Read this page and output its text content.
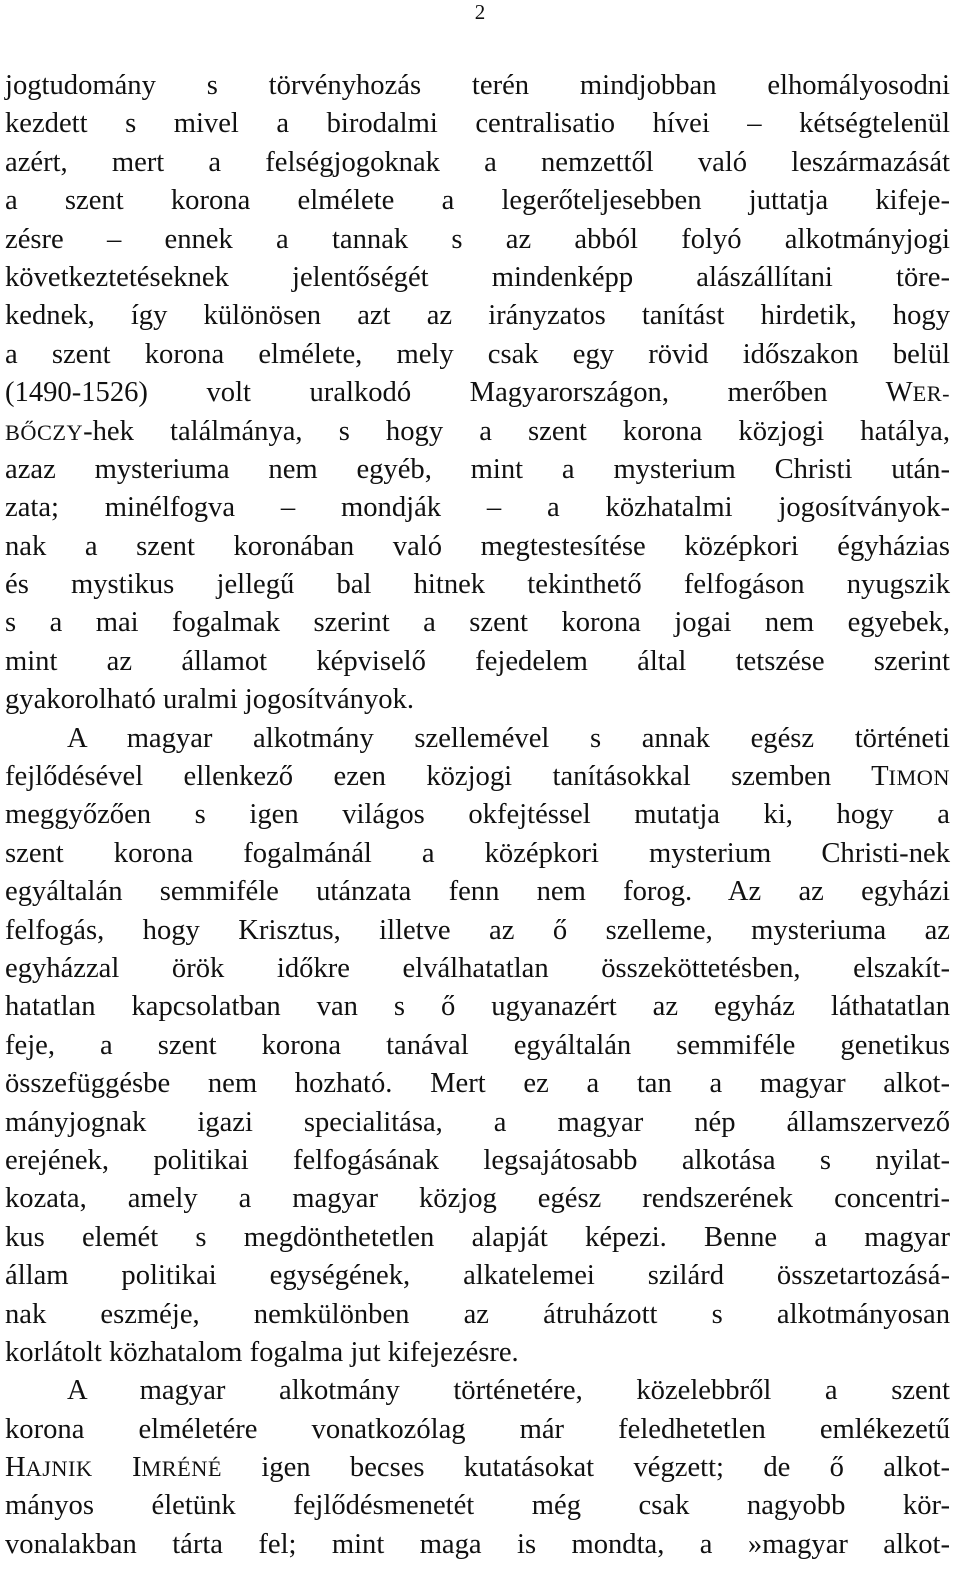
2
jogtudomány s törvényhozás terén mindjobban elhomályosodni
kezdett s mivel a birodalmi centralisatio hívei – kétségtelenül
azért, mert a felségjogoknak a nemzettől való leszármazását
a szent korona elmélete a legerőteljesebben juttatja kifeje-
zésre – ennek a tannak s az abból folyó alkotmányjogi
következtetéseknek jelentőségét mindenképp alászállítani töre-
kednek, így különösen azt az irányzatos tanítást hirdetik, hogy
a szent korona elmélete, mely csak egy rövid időszakon belül
(1490-1526) volt uralkodó Magyarországon, merőben WER-
BŐCZY-hek találmánya, s hogy a szent korona közjogi hatálya,
azaz mysteriuma nem egyéb, mint a mysterium Christi után-
zata; minélfogva – mondják – a közhatalmi jogosítványok-
nak a szent koronában való megtestesítése középkori égyházias
és mystikus jellegű bal hitnek tekinthető felfogáson nyugszik
s a mai fogalmak szerint a szent korona jogai nem egyebek,
mint az államot képviselő fejedelem által tetszése szerint
gyakorolható uralmi jogosítványok.
A magyar alkotmány szellemével s annak egész történeti
fejlődésével ellenkező ezen közjogi tanításokkal szemben TIMON
meggyőzően s igen világos okfejtéssel mutatja ki, hogy a
szent korona fogalmánál a középkori mysterium Christi-nek
egyáltalán semmiféle utánzata fenn nem forog. Az az egyházi
felfogás, hogy Krisztus, illetve az ő szelleme, mysteriuma az
egyházzal örök időkre elválhatatlan összeköttetésben, elszakít-
hatatlan kapcsolatban van s ő ugyanazért az egyház láthatatlan
feje, a szent korona tanával egyáltalán semmiféle genetikus
összefüggésbe nem hozható. Mert ez a tan a magyar alkot-
mányjognak igazi specialitása, a magyar nép államszervező
erejének, politikai felfogásának legsajátosabb alkotása s nyilat-
kozata, amely a magyar közjog egész rendszerének concentri-
kus elemét s megdönthetetlen alapját képezi. Benne a magyar
állam politikai egységének, alkatelemei szilárd összetartozásá-
nak eszméje, nemkülönben az átruházott s alkotmányosan
korlátolt közhatalom fogalma jut kifejezésre.
A magyar alkotmány történetére, közelebbről a szent
korona elméletére vonatkozólag már feledhetetlen emlékezetű
HAJNIK IMRÉNÉ igen becses kutatásokat végzett; de ő alkot-
mányos életünk fejlődésmenetét még csak nagyobb kör-
vonalakban tárta fel; mint maga is mondta, a »magyar alkot-
